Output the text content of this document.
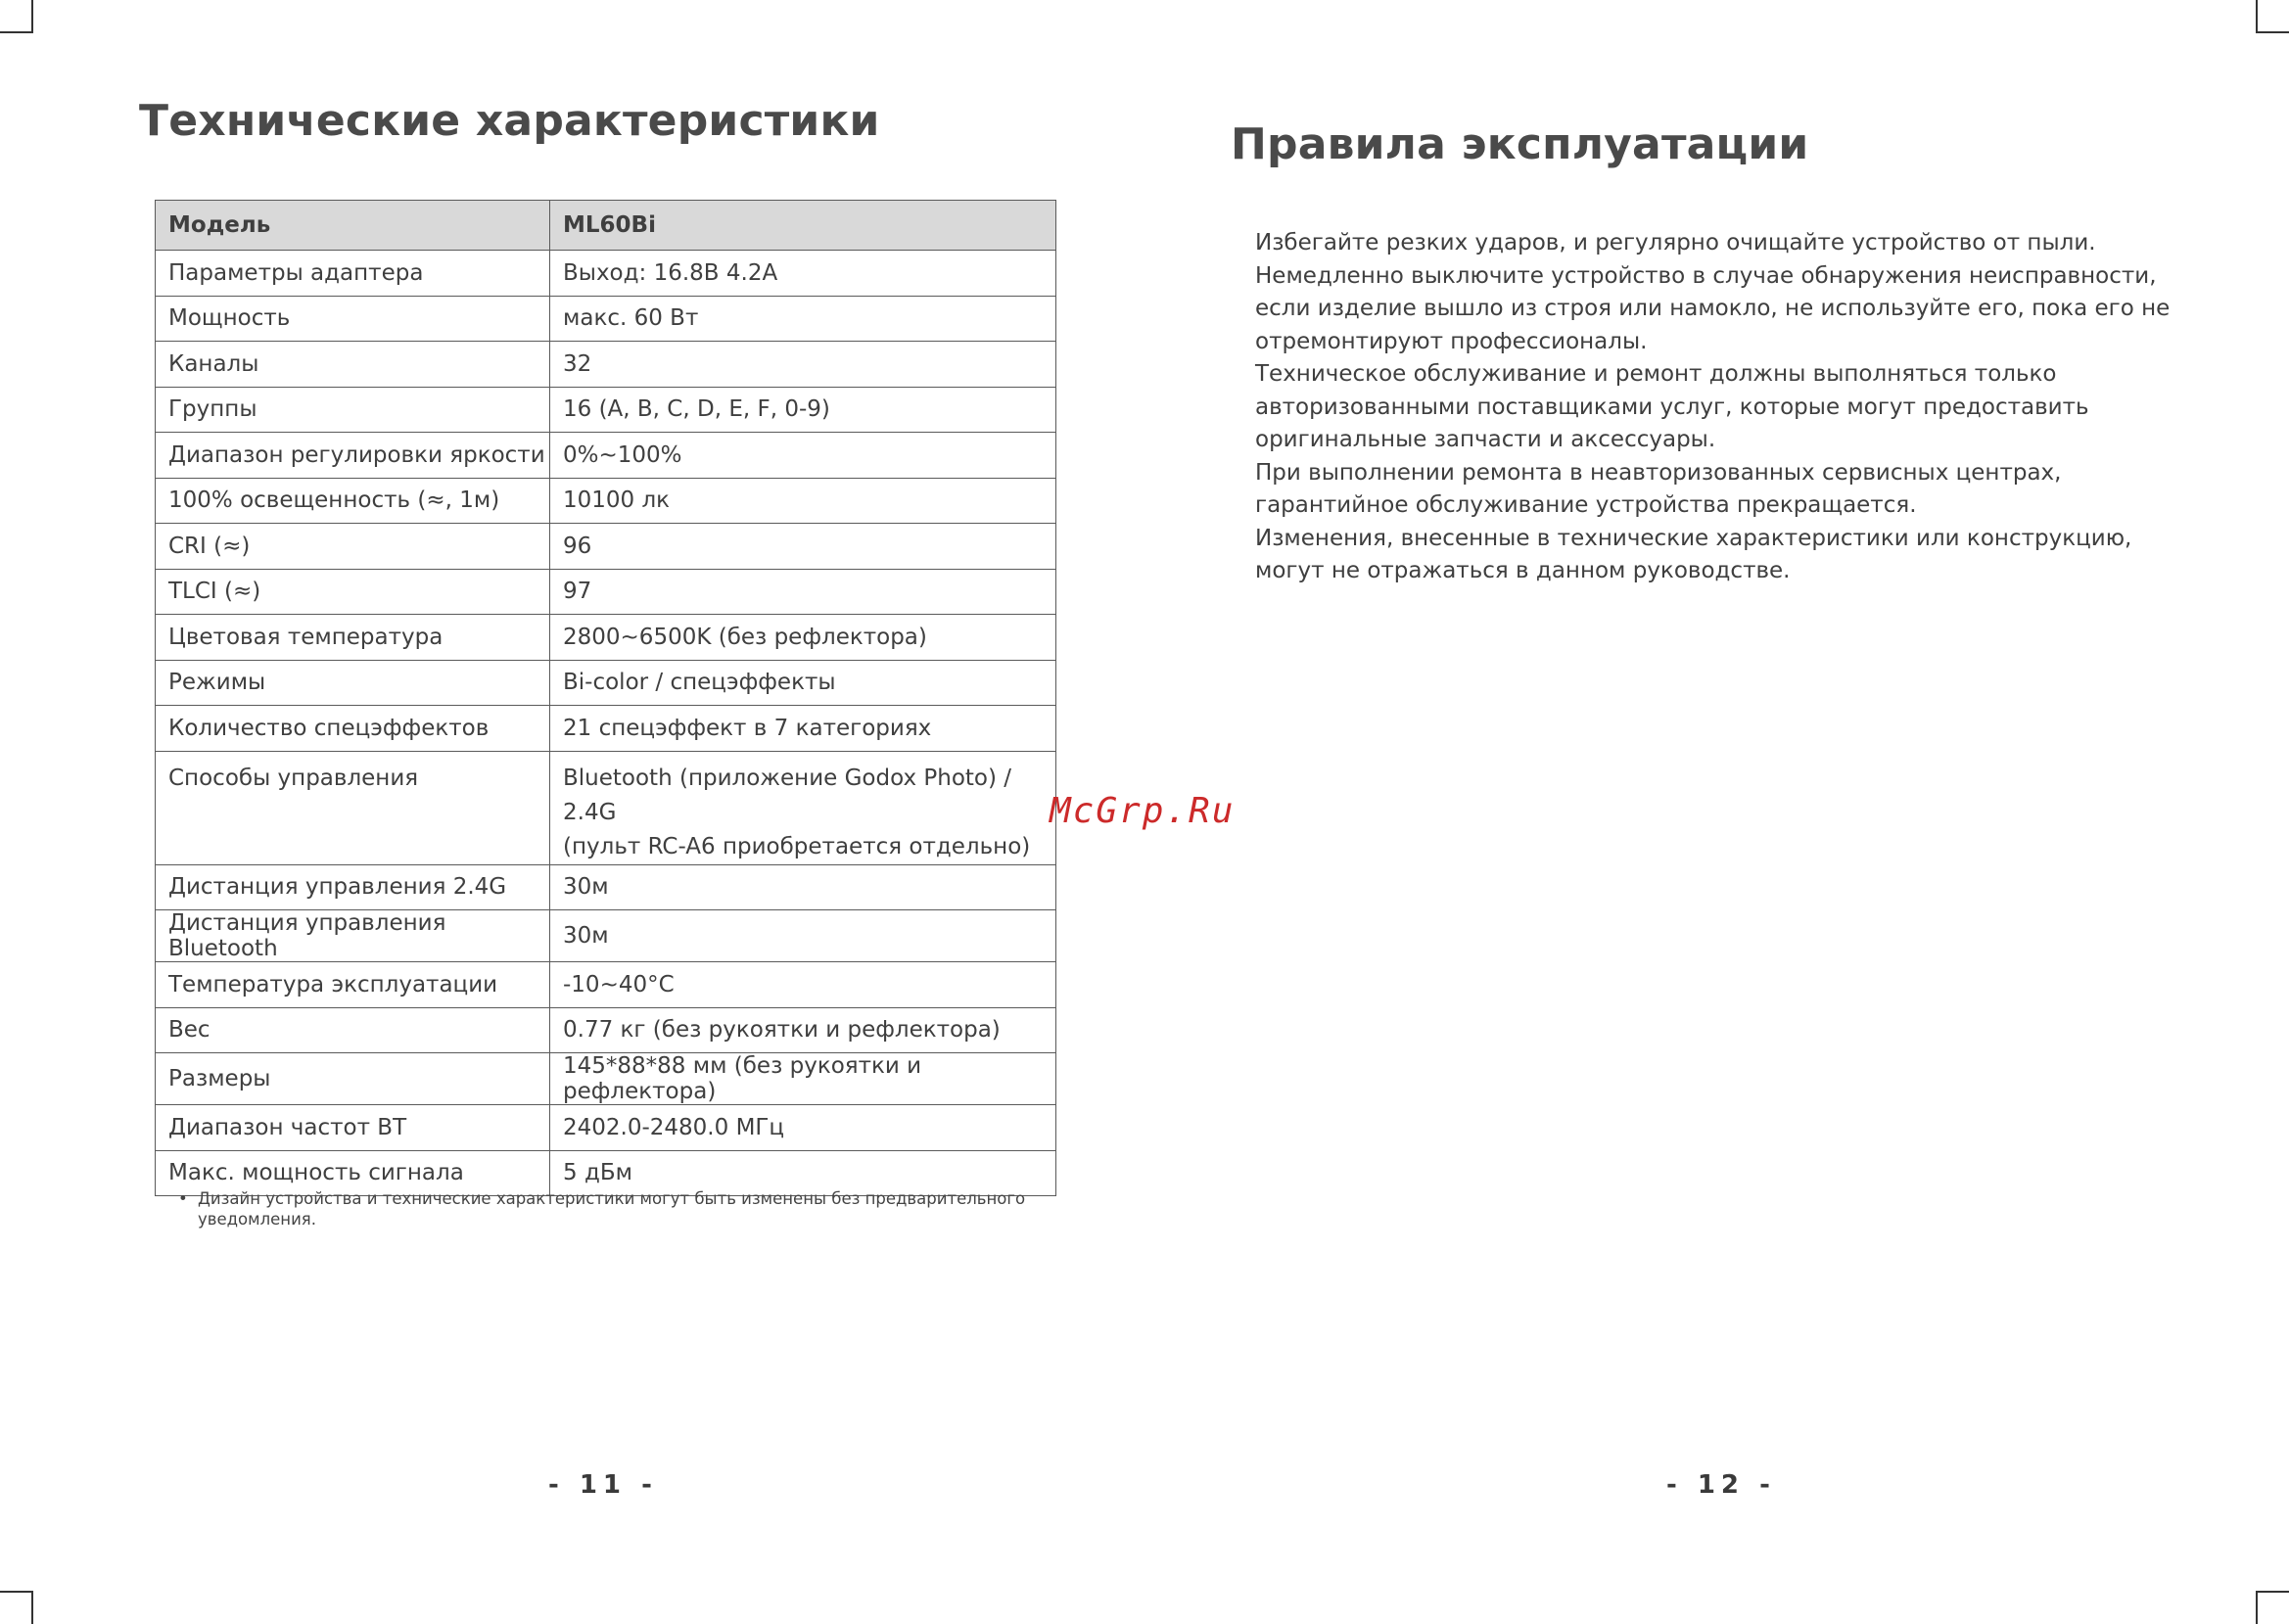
Технические характеристики
Модель	ML60Bi
Параметры адаптера	Выход: 16.8В 4.2А
Мощность	макс. 60 Вт
Каналы	32
Группы	16 (A, B, C, D, E, F, 0-9)
Диапазон регулировки яркости	0%~100%
100% освещенность (≈, 1м)	10100 лк
CRI (≈)	96
TLCI (≈)	97
Цветовая температура	2800~6500K (без рефлектора)
Режимы	Bi-color / спецэффекты
Количество спецэффектов	21 спецэффект в 7 категориях
Способы управления	Bluetooth (приложение Godox Photo) / 2.4G
(пульт RC-A6 приобретается отдельно)

Дистанция управления 2.4G	30м
Дистанция управления Bluetooth	30м
Температура эксплуатации	-10~40°C
Вес	0.77 кг (без рукоятки и рефлектора)
Размеры	145*88*88 мм (без рукоятки и рефлектора)
Диапазон частот BT	2402.0-2480.0 МГц
Макс. мощность сигнала	5 дБм
• Дизайн устройства и технические характеристики могут быть изменены без предварительного уведомления.
- 11 -
Правила эксплуатации

Избегайте резких ударов, и регулярно очищайте устройство от пыли.

Немедленно выключите устройство в случае обнаружения неисправности, если изделие вышло из строя или намокло, не используйте его, пока его не отремонтируют профессионалы.

Техническое обслуживание и ремонт должны выполняться только авторизованными поставщиками услуг, которые могут предоставить оригинальные запчасти и аксессуары.

При выполнении ремонта в неавторизованных сервисных центрах, гарантийное обслуживание устройства прекращается.

Изменения, внесенные в технические характеристики или конструкцию, могут не отражаться в данном руководстве.

- 12 -
McGrp.Ru
